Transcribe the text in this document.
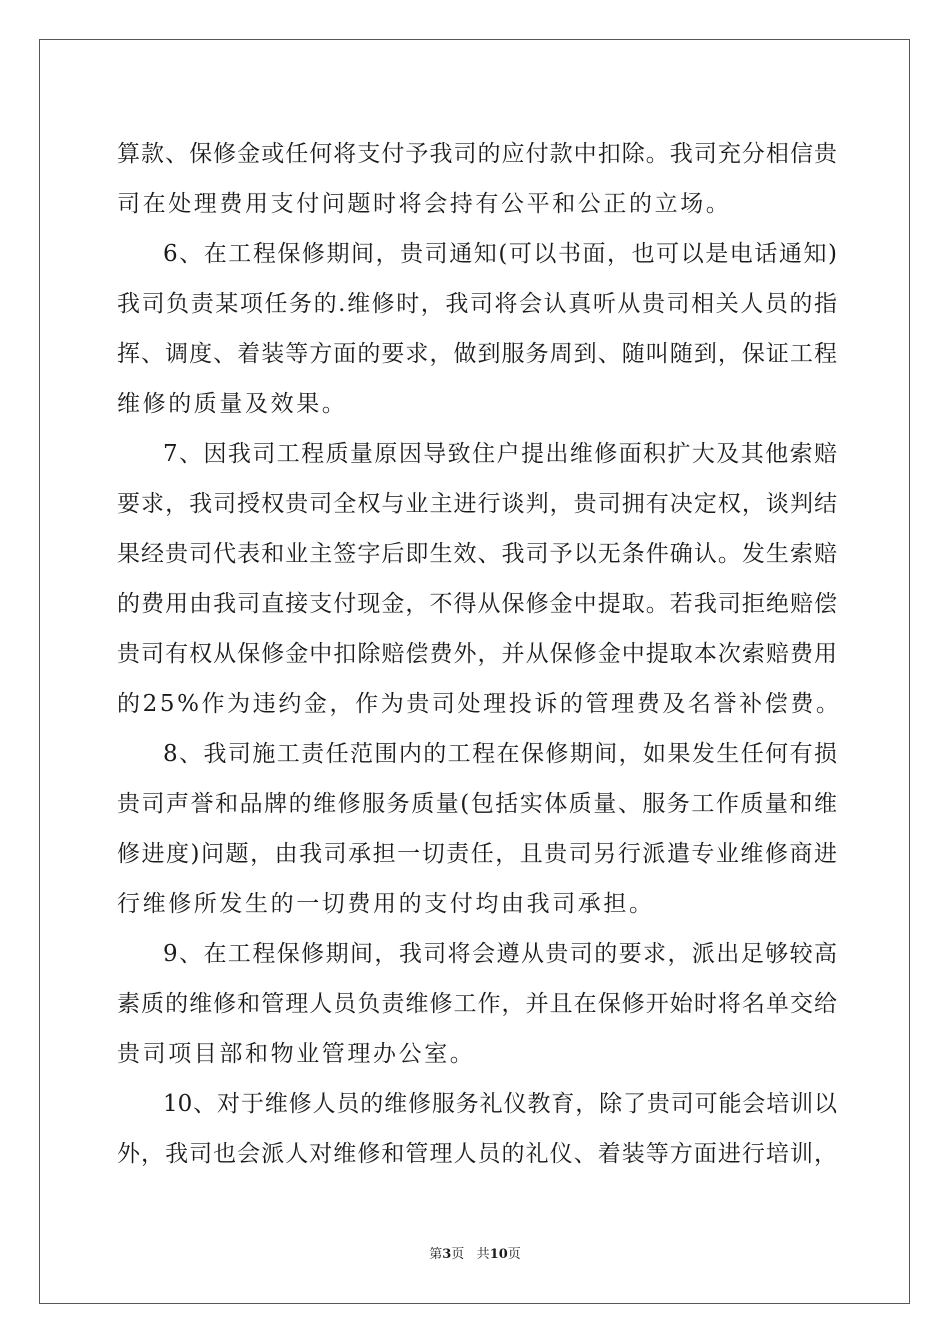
算款、保修金或任何将支付予我司的应付款中扣除。我司充分相信贵
司在处理费用支付问题时将会持有公平和公正的立场。
6、在工程保修期间，贵司通知(可以书面，也可以是电话通知)
我司负责某项任务的.维修时，我司将会认真听从贵司相关人员的指
挥、调度、着装等方面的要求，做到服务周到、随叫随到，保证工程
维修的质量及效果。
7、因我司工程质量原因导致住户提出维修面积扩大及其他索赔
要求，我司授权贵司全权与业主进行谈判，贵司拥有决定权，谈判结
果经贵司代表和业主签字后即生效、我司予以无条件确认。发生索赔
的费用由我司直接支付现金，不得从保修金中提取。若我司拒绝赔偿
贵司有权从保修金中扣除赔偿费外，并从保修金中提取本次索赔费用
的25%作为违约金，作为贵司处理投诉的管理费及名誉补偿费。
8、我司施工责任范围内的工程在保修期间，如果发生任何有损
贵司声誉和品牌的维修服务质量(包括实体质量、服务工作质量和维
修进度)问题，由我司承担一切责任，且贵司另行派遣专业维修商进
行维修所发生的一切费用的支付均由我司承担。
9、在工程保修期间，我司将会遵从贵司的要求，派出足够较高
素质的维修和管理人员负责维修工作，并且在保修开始时将名单交给
贵司项目部和物业管理办公室。
10、对于维修人员的维修服务礼仪教育，除了贵司可能会培训以
外，我司也会派人对维修和管理人员的礼仪、着装等方面进行培训，
第3页 共10页
